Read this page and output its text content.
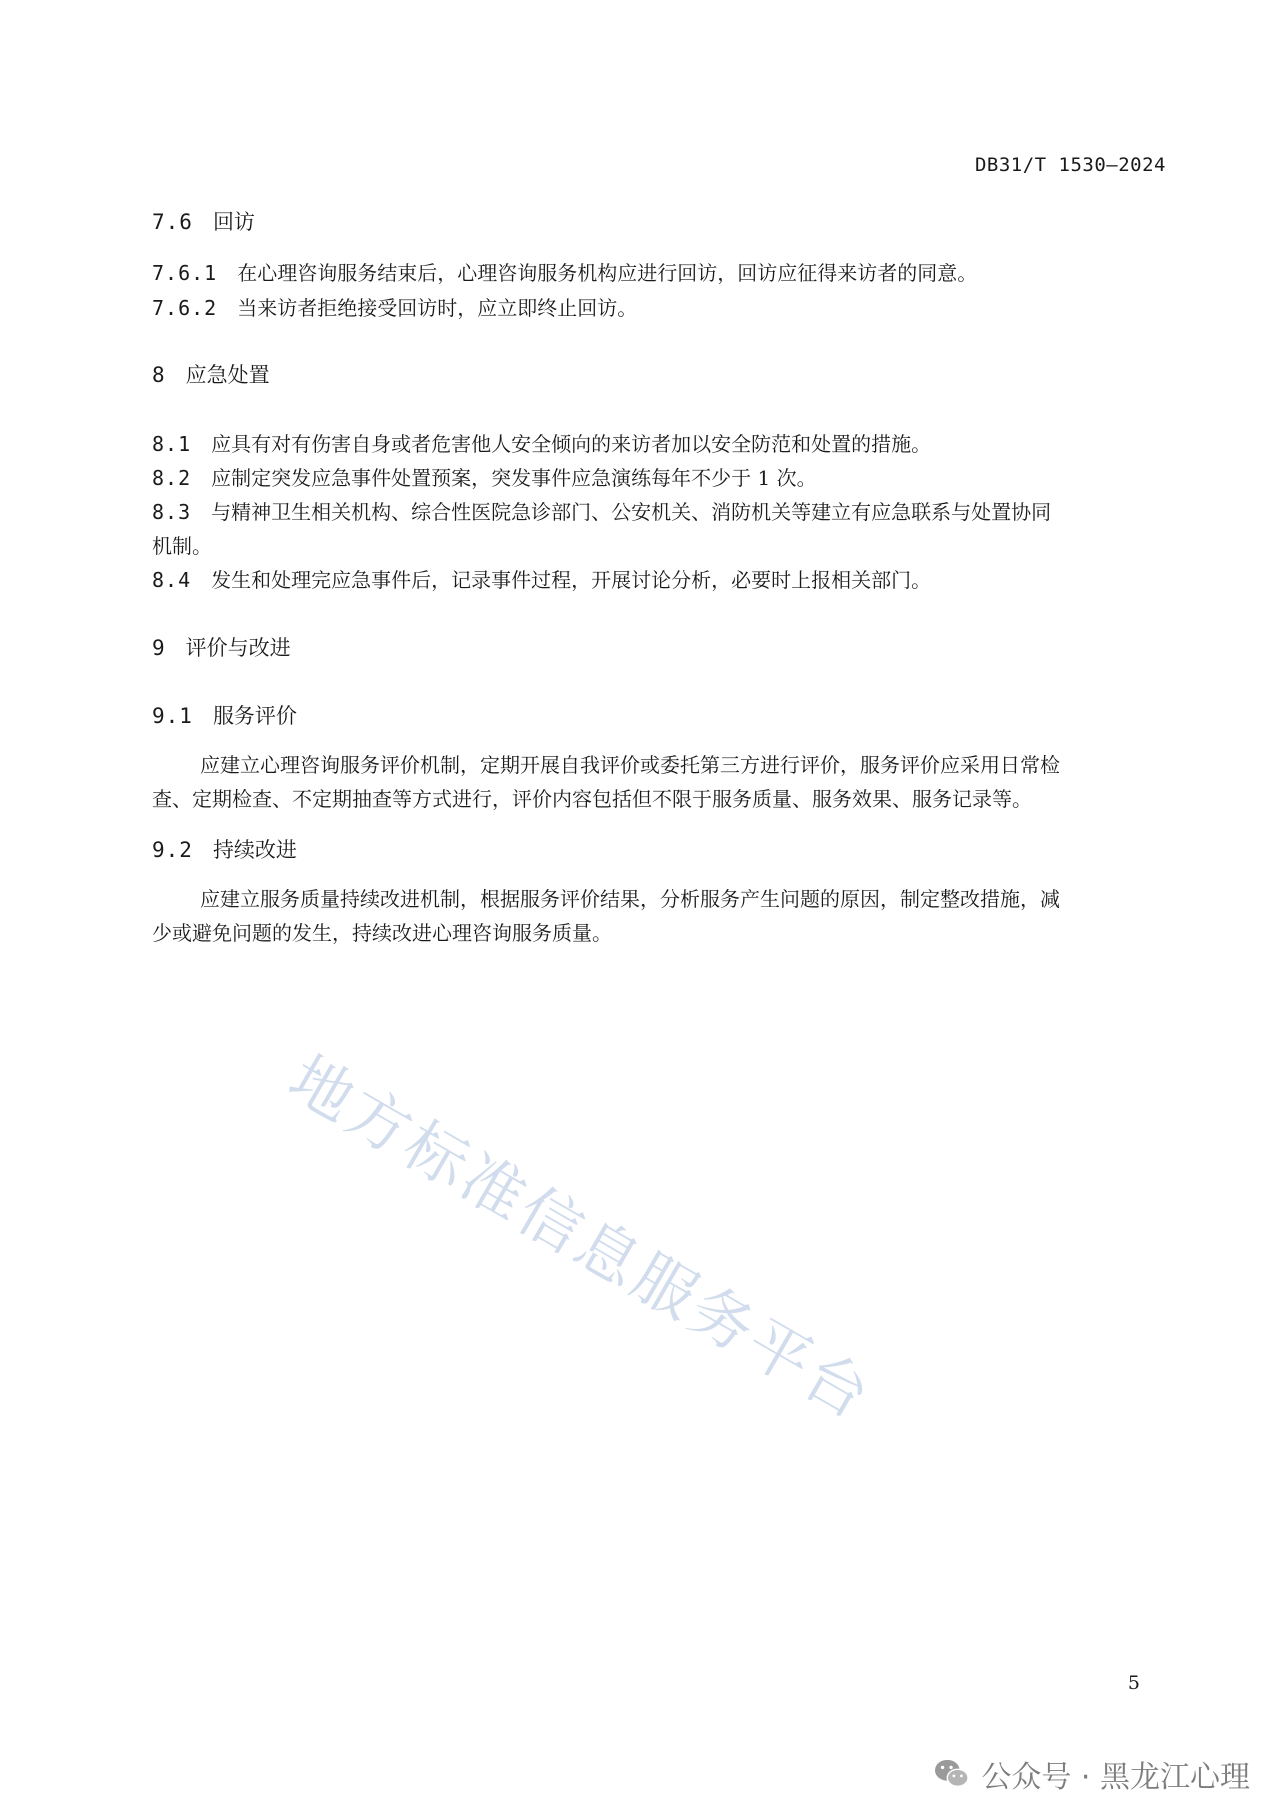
DB31/T 1530—2024
7.6 回访
7.6.1 在心理咨询服务结束后，心理咨询服务机构应进行回访，回访应征得来访者的同意。
7.6.2 当来访者拒绝接受回访时，应立即终止回访。
8 应急处置
8.1 应具有对有伤害自身或者危害他人安全倾向的来访者加以安全防范和处置的措施。
8.2 应制定突发应急事件处置预案，突发事件应急演练每年不少于 1 次。
8.3 与精神卫生相关机构、综合性医院急诊部门、公安机关、消防机关等建立有应急联系与处置协同
机制。
8.4 发生和处理完应急事件后，记录事件过程，开展讨论分析，必要时上报相关部门。
9 评价与改进
9.1 服务评价
应建立心理咨询服务评价机制，定期开展自我评价或委托第三方进行评价，服务评价应采用日常检
查、定期检查、不定期抽查等方式进行，评价内容包括但不限于服务质量、服务效果、服务记录等。
9.2 持续改进
应建立服务质量持续改进机制，根据服务评价结果，分析服务产生问题的原因，制定整改措施，减
少或避免问题的发生，持续改进心理咨询服务质量。
地方标准信息服务平台
5
公众号 · 黑龙江心理
